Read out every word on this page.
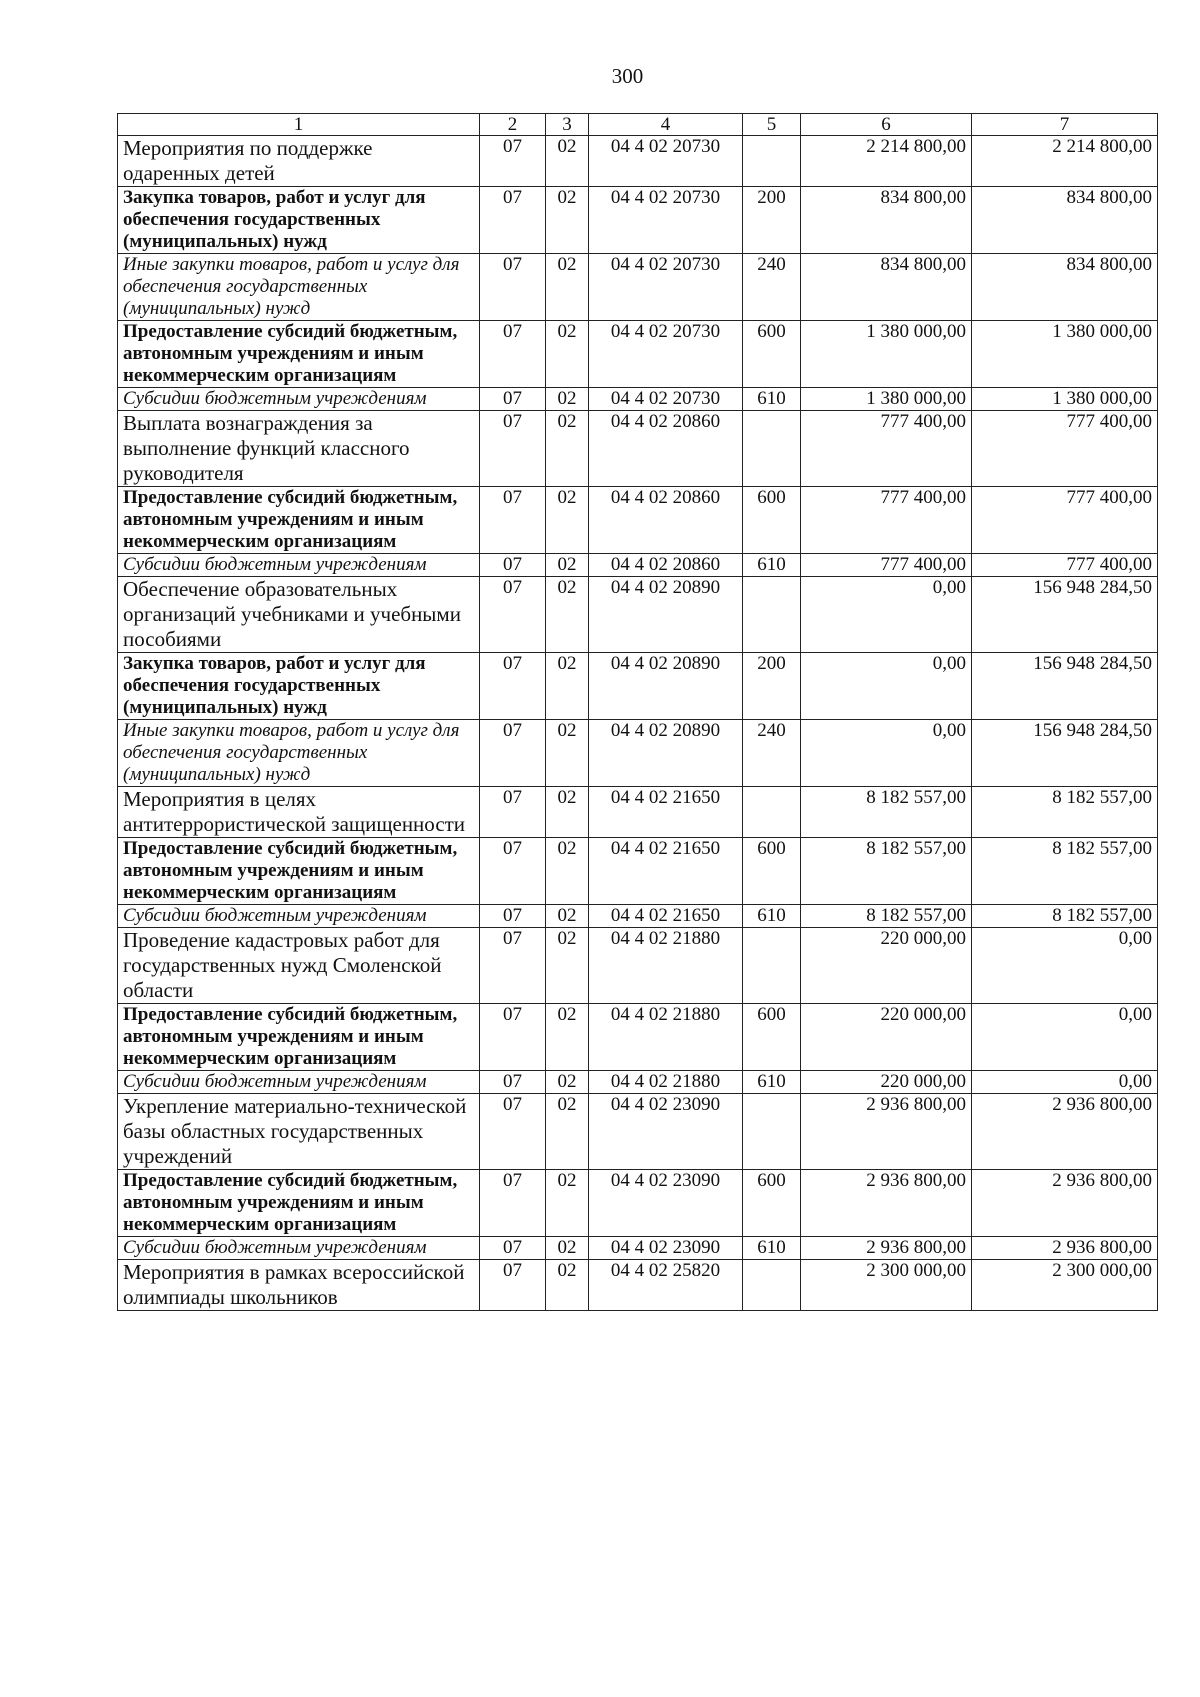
300
1	2	3	4	5	6	7
Мероприятия по поддержке одаренных детей	07	02	04 4 02 20730		2 214 800,00	2 214 800,00
Закупка товаров, работ и услуг для обеспечения государственных (муниципальных) нужд	07	02	04 4 02 20730	200	834 800,00	834 800,00
Иные закупки товаров, работ и услуг для обеспечения государственных (муниципальных) нужд	07	02	04 4 02 20730	240	834 800,00	834 800,00
Предоставление субсидий бюджетным, автономным учреждениям и иным некоммерческим организациям	07	02	04 4 02 20730	600	1 380 000,00	1 380 000,00
Субсидии бюджетным учреждениям	07	02	04 4 02 20730	610	1 380 000,00	1 380 000,00
Выплата вознаграждения за выполнение функций классного руководителя	07	02	04 4 02 20860		777 400,00	777 400,00
Предоставление субсидий бюджетным, автономным учреждениям и иным некоммерческим организациям	07	02	04 4 02 20860	600	777 400,00	777 400,00
Субсидии бюджетным учреждениям	07	02	04 4 02 20860	610	777 400,00	777 400,00
Обеспечение образовательных организаций учебниками и учебными пособиями	07	02	04 4 02 20890		0,00	156 948 284,50
Закупка товаров, работ и услуг для обеспечения государственных (муниципальных) нужд	07	02	04 4 02 20890	200	0,00	156 948 284,50
Иные закупки товаров, работ и услуг для обеспечения государственных (муниципальных) нужд	07	02	04 4 02 20890	240	0,00	156 948 284,50
Мероприятия в целях антитеррористической защищенности	07	02	04 4 02 21650		8 182 557,00	8 182 557,00
Предоставление субсидий бюджетным, автономным учреждениям и иным некоммерческим организациям	07	02	04 4 02 21650	600	8 182 557,00	8 182 557,00
Субсидии бюджетным учреждениям	07	02	04 4 02 21650	610	8 182 557,00	8 182 557,00
Проведение кадастровых работ для государственных нужд Смоленской области	07	02	04 4 02 21880		220 000,00	0,00
Предоставление субсидий бюджетным, автономным учреждениям и иным некоммерческим организациям	07	02	04 4 02 21880	600	220 000,00	0,00
Субсидии бюджетным учреждениям	07	02	04 4 02 21880	610	220 000,00	0,00
Укрепление материально-технической базы областных государственных учреждений	07	02	04 4 02 23090		2 936 800,00	2 936 800,00
Предоставление субсидий бюджетным, автономным учреждениям и иным некоммерческим организациям	07	02	04 4 02 23090	600	2 936 800,00	2 936 800,00
Субсидии бюджетным учреждениям	07	02	04 4 02 23090	610	2 936 800,00	2 936 800,00
Мероприятия в рамках всероссийской олимпиады школьников	07	02	04 4 02 25820		2 300 000,00	2 300 000,00
